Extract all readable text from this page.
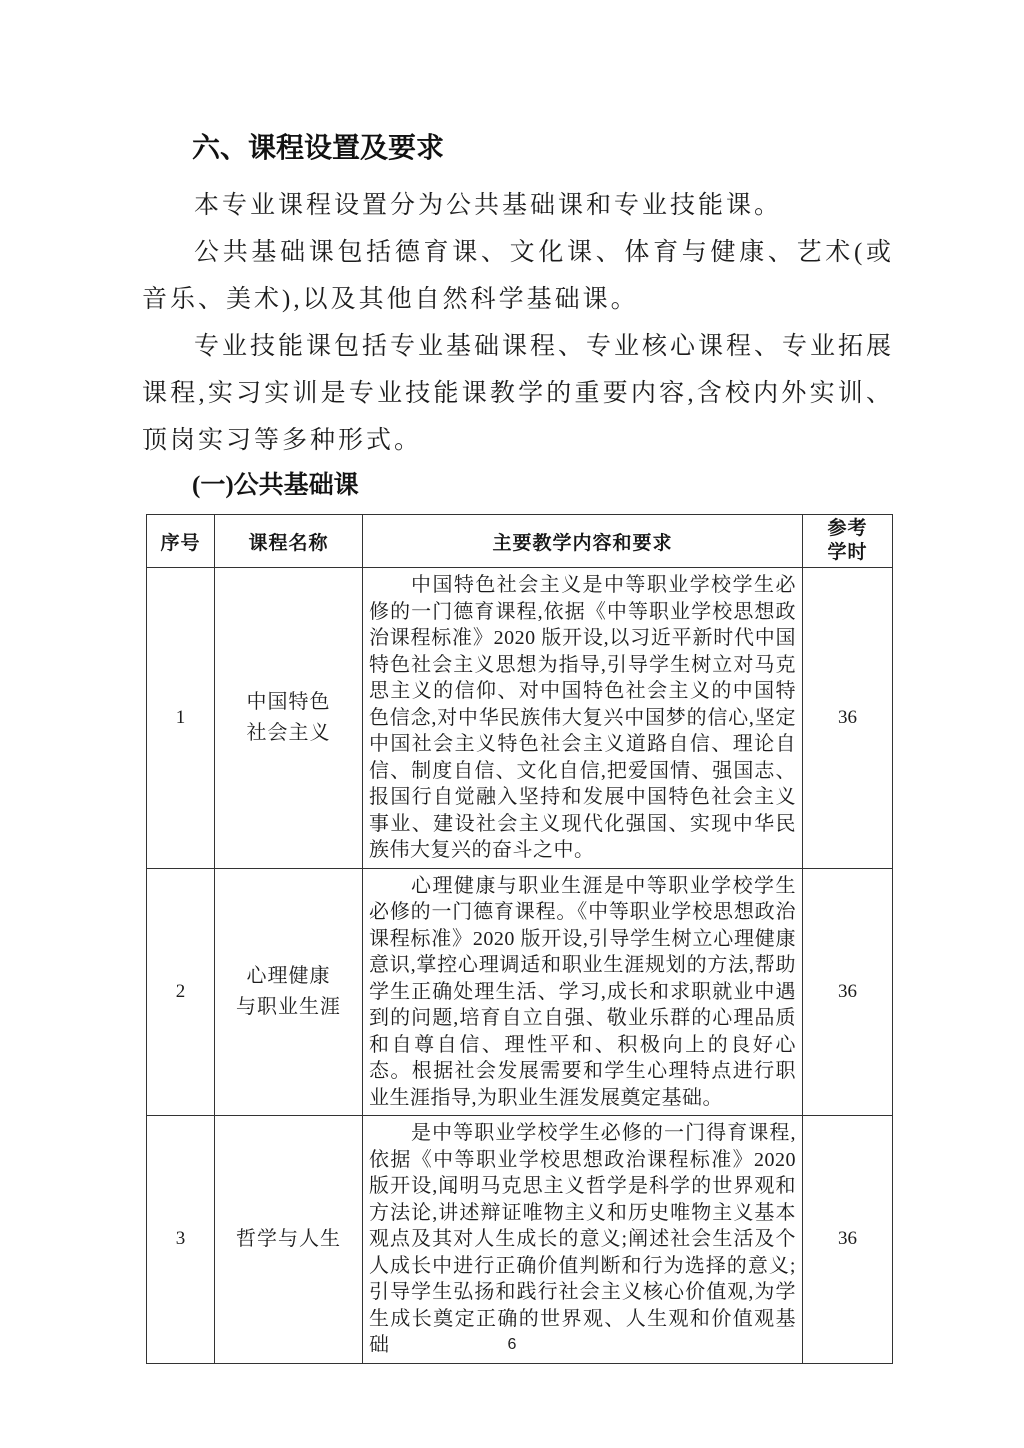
六、课程设置及要求

本专业课程设置分为公共基础课和专业技能课。

公共基础课包括德育课、文化课、体育与健康、艺术(或音乐、美术),以及其他自然科学基础课。

专业技能课包括专业基础课程、专业核心课程、专业拓展课程,实习实训是专业技能课教学的重要内容,含校内外实训、顶岗实习等多种形式。

(一)公共基础课
序号	课程名称	主要教学内容和要求	参考学时
1	中国特色
社会主义	中国特色社会主义是中等职业学校学生必修的一门德育课程,依据《中等职业学校思想政治课程标准》2020 版开设,以习近平新时代中国特色社会主义思想为指导,引导学生树立对马克思主义的信仰、对中国特色社会主义的中国特色信念,对中华民族伟大复兴中国梦的信心,坚定中国社会主义特色社会主义道路自信、理论自信、制度自信、文化自信,把爱国情、强国志、报国行自觉融入坚持和发展中国特色社会主义事业、建设社会主义现代化强国、实现中华民族伟大复兴的奋斗之中。	36
2	心理健康
与职业生涯	心理健康与职业生涯是中等职业学校学生必修的一门德育课程。《中等职业学校思想政治课程标准》2020 版开设,引导学生树立心理健康意识,掌控心理调适和职业生涯规划的方法,帮助学生正确处理生活、学习,成长和求职就业中遇到的问题,培育自立自强、敬业乐群的心理品质和自尊自信、理性平和、积极向上的良好心态。根据社会发展需要和学生心理特点进行职业生涯指导,为职业生涯发展奠定基础。	36
3	哲学与人生	是中等职业学校学生必修的一门得育课程,依据《中等职业学校思想政治课程标准》2020 版开设,闻明马克思主义哲学是科学的世界观和方法论,讲述辩证唯物主义和历史唯物主义基本观点及其对人生成长的意义;阐述社会生活及个人成长中进行正确价值判断和行为选择的意义;引导学生弘扬和践行社会主义核心价值观,为学生成长奠定正确的世界观、人生观和价值观基础	36
6
